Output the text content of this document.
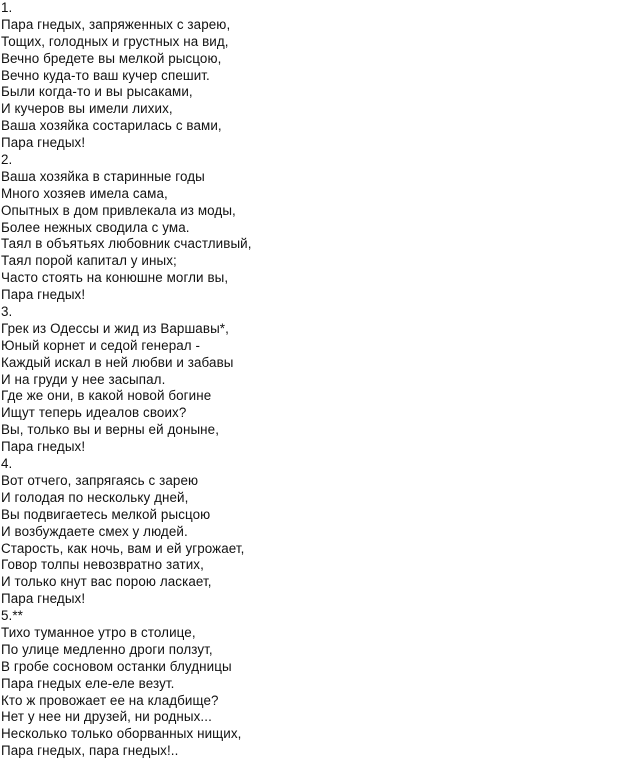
1.
Пара гнедых, запряженных с зарею,
Тощих, голодных и грустных на вид,
Вечно бредете вы мелкой рысцою,
Вечно куда-то ваш кучер спешит.
Были когда-то и вы рысаками,
И кучеров вы имели лихих,
Ваша хозяйка состарилась с вами,
Пара гнедых!
2.
Ваша хозяйка в старинные годы
Много хозяев имела сама,
Опытных в дом привлекала из моды,
Более нежных сводила с ума.
Таял в объятьях любовник счастливый,
Таял порой капитал у иных;
Часто стоять на конюшне могли вы,
Пара гнедых!
3.
Грек из Одессы и жид из Варшавы*,
Юный корнет и седой генерал -
Каждый искал в ней любви и забавы
И на груди у нее засыпал.
Где же они, в какой новой богине
Ищут теперь идеалов своих?
Вы, только вы и верны ей доныне,
Пара гнедых!
4.
Вот отчего, запрягаясь с зарею
И голодая по нескольку дней,
Вы подвигаетесь мелкой рысцою
И возбуждаете смех у людей.
Старость, как ночь, вам и ей угрожает,
Говор толпы невозвратно затих,
И только кнут вас порою ласкает,
Пара гнедых!
5.**
Тихо туманное утро в столице,
По улице медленно дроги ползут,
В гробе сосновом останки блудницы
Пара гнедых еле-еле везут.
Кто ж провожает ее на кладбище?
Нет у нее ни друзей, ни родных...
Несколько только оборванных нищих,
Пара гнедых, пара гнедых!..
